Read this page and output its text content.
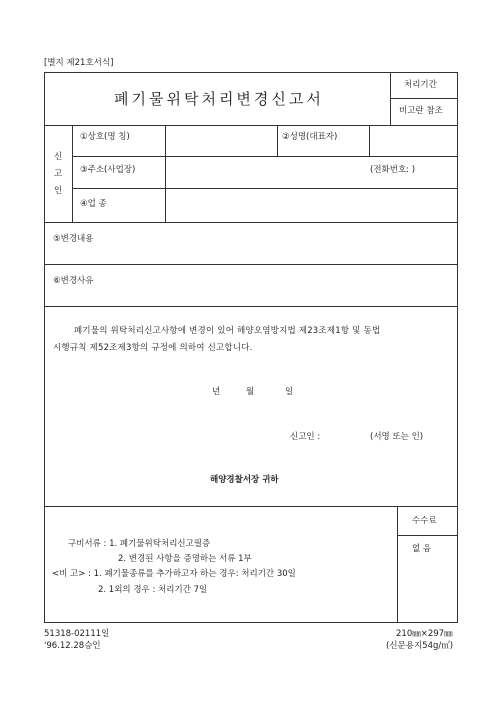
[별지 제21호서식]
폐기물위탁처리변경신고서
처리기간
비고란 참조
신
고
인
①상호(명 칭)	②성명(대표자)
③주소(사업장)	(전화번호: )
④업 종
⑤변경내용
⑥변경사유
폐기물의 위탁처리신고사항에 변경이 있어 해양오염방지법 제23조제1항 및 동법
시행규칙 제52조제3항의 규정에 의하여 신고합니다.
년	월	일
신고인 :	(서명 또는 인)
해양경찰서장 귀하
수수료
없 음
구비서류 : 1. 폐기물위탁처리신고필증
2. 변경된 사항을 증명하는 서류 1부
<비 고> : 1. 폐기물종류를 추가하고자 하는 경우: 처리기간 30일
2. 1외의 경우 : 처리기간 7일
51318-02111일
'96.12.28승인
210㎜×297㎜
(신문용지54g/㎡)
